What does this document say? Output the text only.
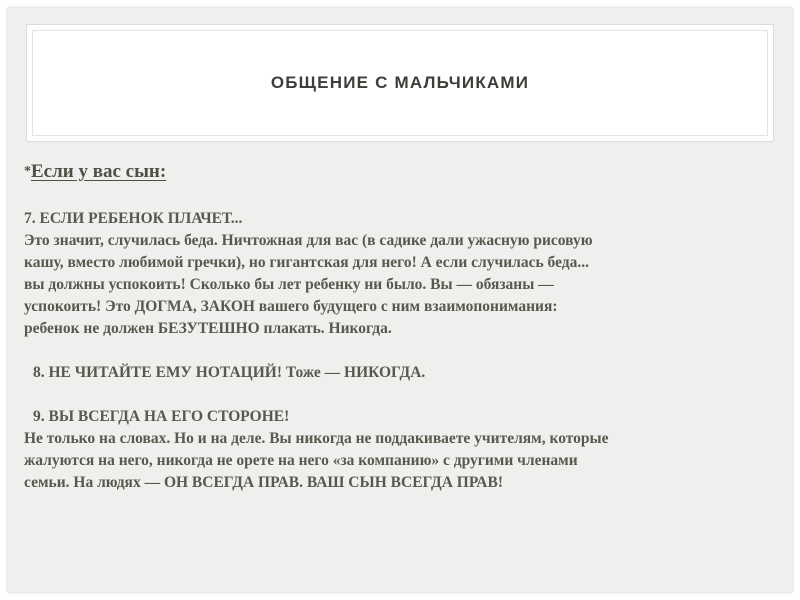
ОБЩЕНИЕ С МАЛЬЧИКАМИ

*Если у вас сын:

7. ЕСЛИ РЕБЕНОК ПЛАЧЕТ...

Это значит, случилась беда. Ничтожная для вас (в садике дали ужасную рисовую

кашу, вместо любимой гречки), но гигантская для него! А если случилась беда...

вы должны успокоить! Сколько бы лет ребенку ни было. Вы — обязаны —

успокоить! Это ДОГМА, ЗАКОН вашего будущего с ним взаимопонимания:

ребенок не должен БЕЗУТЕШНО плакать. Никогда.

8. НЕ ЧИТАЙТЕ ЕМУ НОТАЦИЙ! Тоже — НИКОГДА.

9. ВЫ ВСЕГДА НА ЕГО СТОРОНЕ!

Не только на словах. Но и на деле. Вы никогда не поддакиваете учителям, которые

жалуются на него, никогда не орете на него «за компанию» с другими членами

семьи. На людях — ОН ВСЕГДА ПРАВ. ВАШ СЫН ВСЕГДА ПРАВ!
